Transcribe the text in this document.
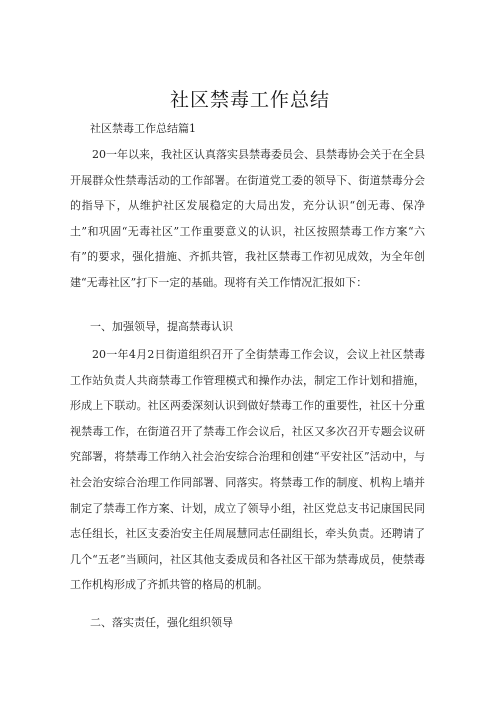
社区禁毒工作总结
社区禁毒工作总结篇1

20一年以来，我社区认真落实县禁毒委员会、县禁毒协会关于在全县开展群众性禁毒活动的工作部署。在街道党工委的领导下、街道禁毒分会的指导下，从维护社区发展稳定的大局出发，充分认识“创无毒、保净土”和巩固“无毒社区”工作重要意义的认识，社区按照禁毒工作方案“六有”的要求，强化措施、齐抓共管，我社区禁毒工作初见成效，为全年创建“无毒社区”打下一定的基础。现将有关工作情况汇报如下：

一、加强领导，提高禁毒认识

20一年4月2日街道组织召开了全街禁毒工作会议，会议上社区禁毒工作站负责人共商禁毒工作管理模式和操作办法，制定工作计划和措施，形成上下联动。社区两委深刻认识到做好禁毒工作的重要性，社区十分重视禁毒工作，在街道召开了禁毒工作会议后，社区又多次召开专题会议研究部署，将禁毒工作纳入社会治安综合治理和创建“平安社区”活动中，与社会治安综合治理工作同部署、同落实。将禁毒工作的制度、机构上墙并制定了禁毒工作方案、计划，成立了领导小组，社区党总支书记康国民同志任组长，社区支委治安主任周展慧同志任副组长，牵头负责。还聘请了几个“五老”当顾问，社区其他支委成员和各社区干部为禁毒成员，使禁毒工作机构形成了齐抓共管的格局的机制。

二、落实责任，强化组织领导
